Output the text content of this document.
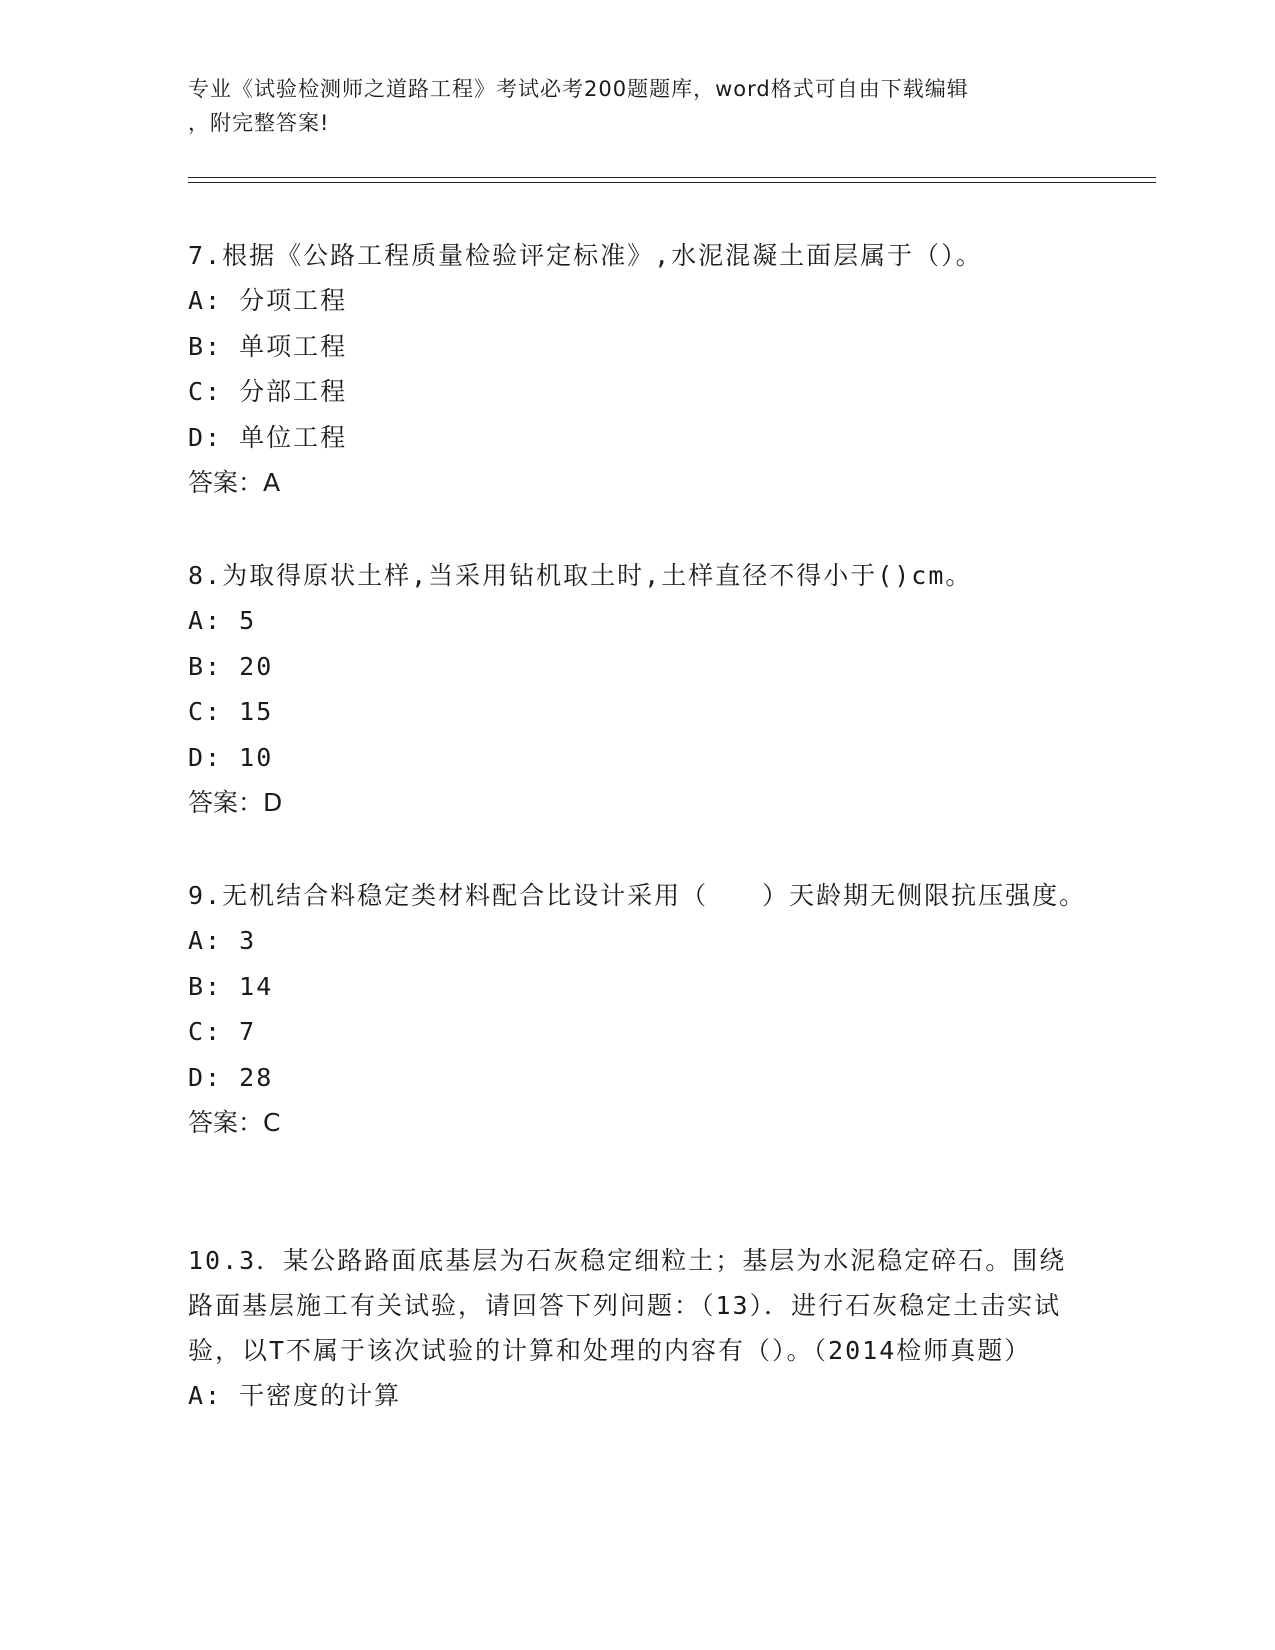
专业《试验检测师之道路工程》考试必考200题题库，word格式可自由下载编辑
，附完整答案!

7.根据《公路工程质量检验评定标准》,水泥混凝土面层属于（）。

A: 分项工程

B: 单项工程

C: 分部工程

D: 单位工程

答案：A

8.为取得原状土样,当采用钻机取土时,土样直径不得小于()cm。

A: 5

B: 20

C: 15

D: 10

答案：D

9.无机结合料稳定类材料配合比设计采用（　　）天龄期无侧限抗压强度。

A: 3

B: 14

C: 7

D: 28

答案：C

10.3．某公路路面底基层为石灰稳定细粒土；基层为水泥稳定碎石。围绕路面基层施工有关试验，请回答下列问题：（13）．进行石灰稳定土击实试验，以T不属于该次试验的计算和处理的内容有（）。（2014检师真题）

A: 干密度的计算
